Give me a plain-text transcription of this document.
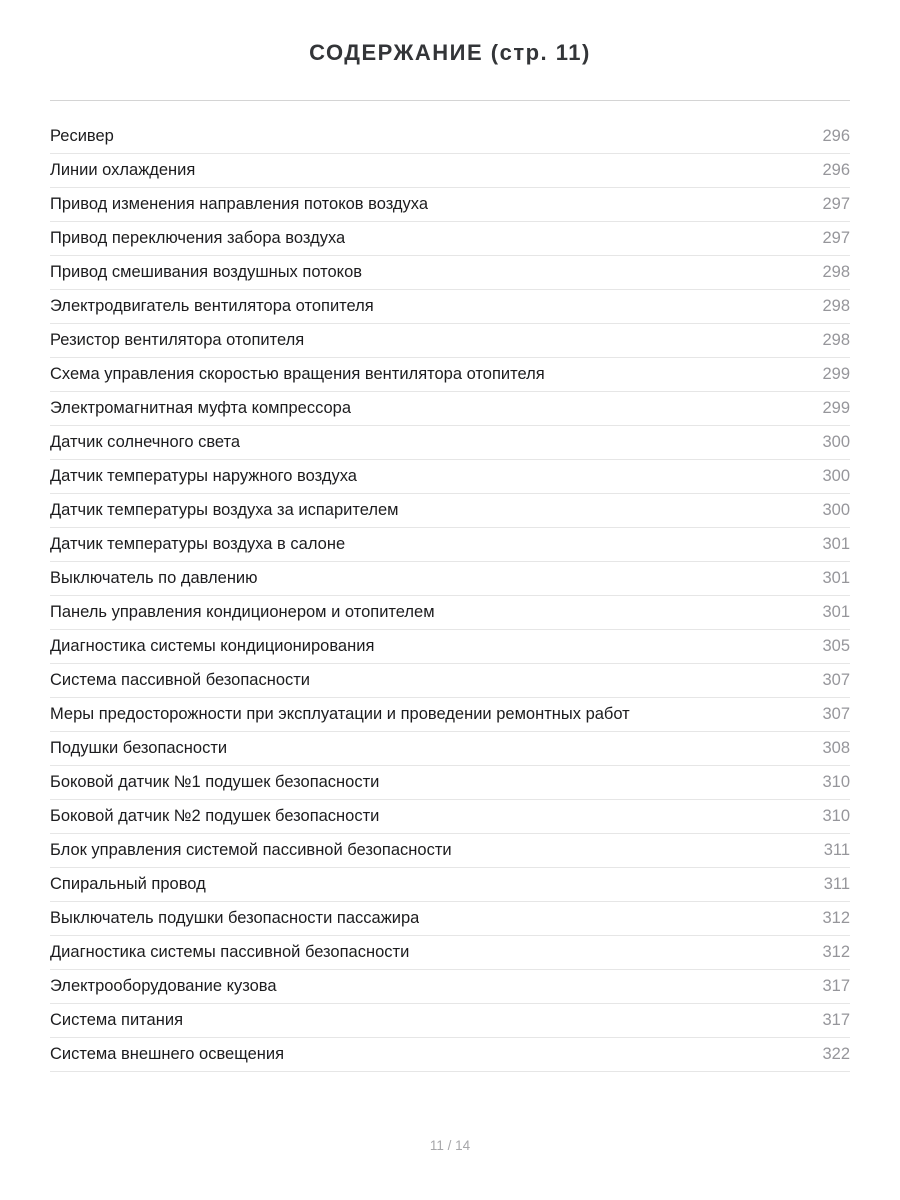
СОДЕРЖАНИЕ (стр. 11)
Ресивер	296
Линии охлаждения	296
Привод изменения направления потоков воздуха	297
Привод переключения забора воздуха	297
Привод смешивания воздушных потоков	298
Электродвигатель вентилятора отопителя	298
Резистор вентилятора отопителя	298
Схема управления скоростью вращения вентилятора отопителя	299
Электромагнитная муфта компрессора	299
Датчик солнечного света	300
Датчик температуры наружного воздуха	300
Датчик температуры воздуха за испарителем	300
Датчик температуры воздуха в салоне	301
Выключатель по давлению	301
Панель управления кондиционером и отопителем	301
Диагностика системы кондиционирования	305
Система пассивной безопасности	307
Меры предосторожности при эксплуатации и проведении ремонтных работ	307
Подушки безопасности	308
Боковой датчик №1 подушек безопасности	310
Боковой датчик №2 подушек безопасности	310
Блок управления системой пассивной безопасности	311
Спиральный провод	311
Выключатель подушки безопасности пассажира	312
Диагностика системы пассивной безопасности	312
Электрооборудование кузова	317
Система питания	317
Система внешнего освещения	322
11 / 14
